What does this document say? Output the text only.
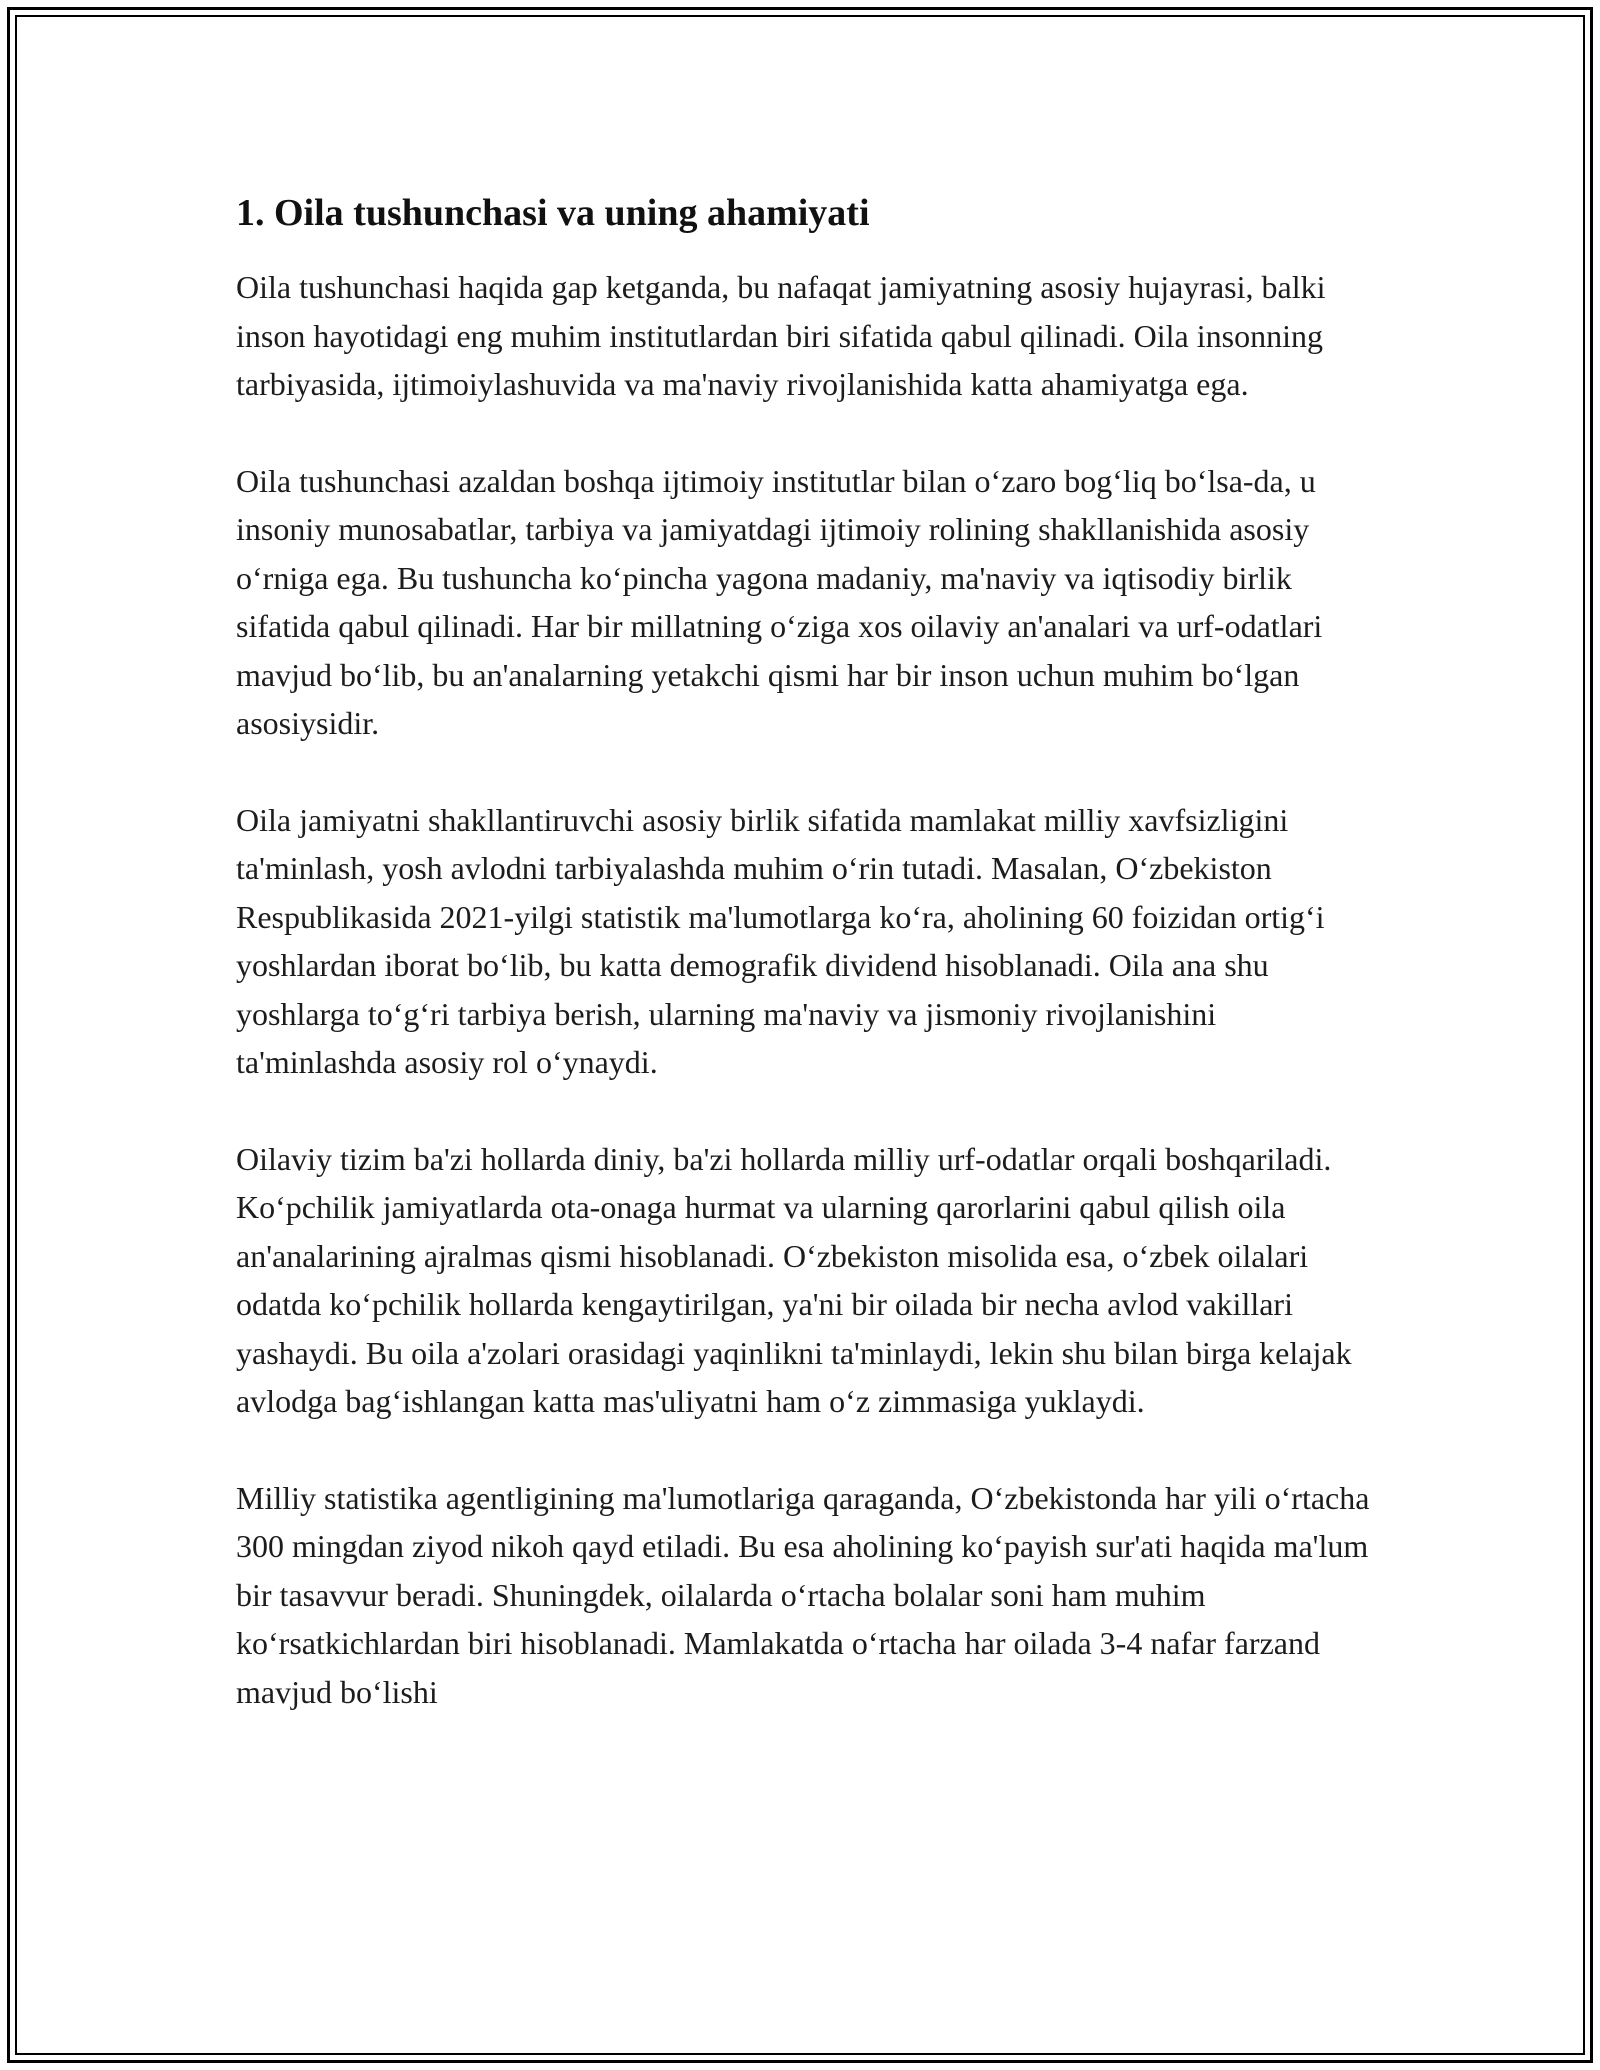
1. Oila tushunchasi va uning ahamiyati

Oila tushunchasi haqida gap ketganda, bu nafaqat jamiyatning asosiy hujayrasi, balki inson hayotidagi eng muhim institutlardan biri sifatida qabul qilinadi. Oila insonning tarbiyasida, ijtimoiylashuvida va ma'naviy rivojlanishida katta ahamiyatga ega.

Oila tushunchasi azaldan boshqa ijtimoiy institutlar bilan o‘zaro bog‘liq bo‘lsa-da, u insoniy munosabatlar, tarbiya va jamiyatdagi ijtimoiy rolining shakllanishida asosiy o‘rniga ega. Bu tushuncha ko‘pincha yagona madaniy, ma'naviy va iqtisodiy birlik sifatida qabul qilinadi. Har bir millatning o‘ziga xos oilaviy an'analari va urf-odatlari mavjud bo‘lib, bu an'analarning yetakchi qismi har bir inson uchun muhim bo‘lgan asosiysidir.

Oila jamiyatni shakllantiruvchi asosiy birlik sifatida mamlakat milliy xavfsizligini ta'minlash, yosh avlodni tarbiyalashda muhim o‘rin tutadi. Masalan, O‘zbekiston Respublikasida 2021-yilgi statistik ma'lumotlarga ko‘ra, aholining 60 foizidan ortig‘i yoshlardan iborat bo‘lib, bu katta demografik dividend hisoblanadi. Oila ana shu yoshlarga to‘g‘ri tarbiya berish, ularning ma'naviy va jismoniy rivojlanishini ta'minlashda asosiy rol o‘ynaydi.

Oilaviy tizim ba'zi hollarda diniy, ba'zi hollarda milliy urf-odatlar orqali boshqariladi. Ko‘pchilik jamiyatlarda ota-onaga hurmat va ularning qarorlarini qabul qilish oila an'analarining ajralmas qismi hisoblanadi. O‘zbekiston misolida esa, o‘zbek oilalari odatda ko‘pchilik hollarda kengaytirilgan, ya'ni bir oilada bir necha avlod vakillari yashaydi. Bu oila a'zolari orasidagi yaqinlikni ta'minlaydi, lekin shu bilan birga kelajak avlodga bag‘ishlangan katta mas'uliyatni ham o‘z zimmasiga yuklaydi.

Milliy statistika agentligining ma'lumotlariga qaraganda, O‘zbekistonda har yili o‘rtacha 300 mingdan ziyod nikoh qayd etiladi. Bu esa aholining ko‘payish sur'ati haqida ma'lum bir tasavvur beradi. Shuningdek, oilalarda o‘rtacha bolalar soni ham muhim ko‘rsatkichlardan biri hisoblanadi. Mamlakatda o‘rtacha har oilada 3-4 nafar farzand mavjud bo‘lishi
